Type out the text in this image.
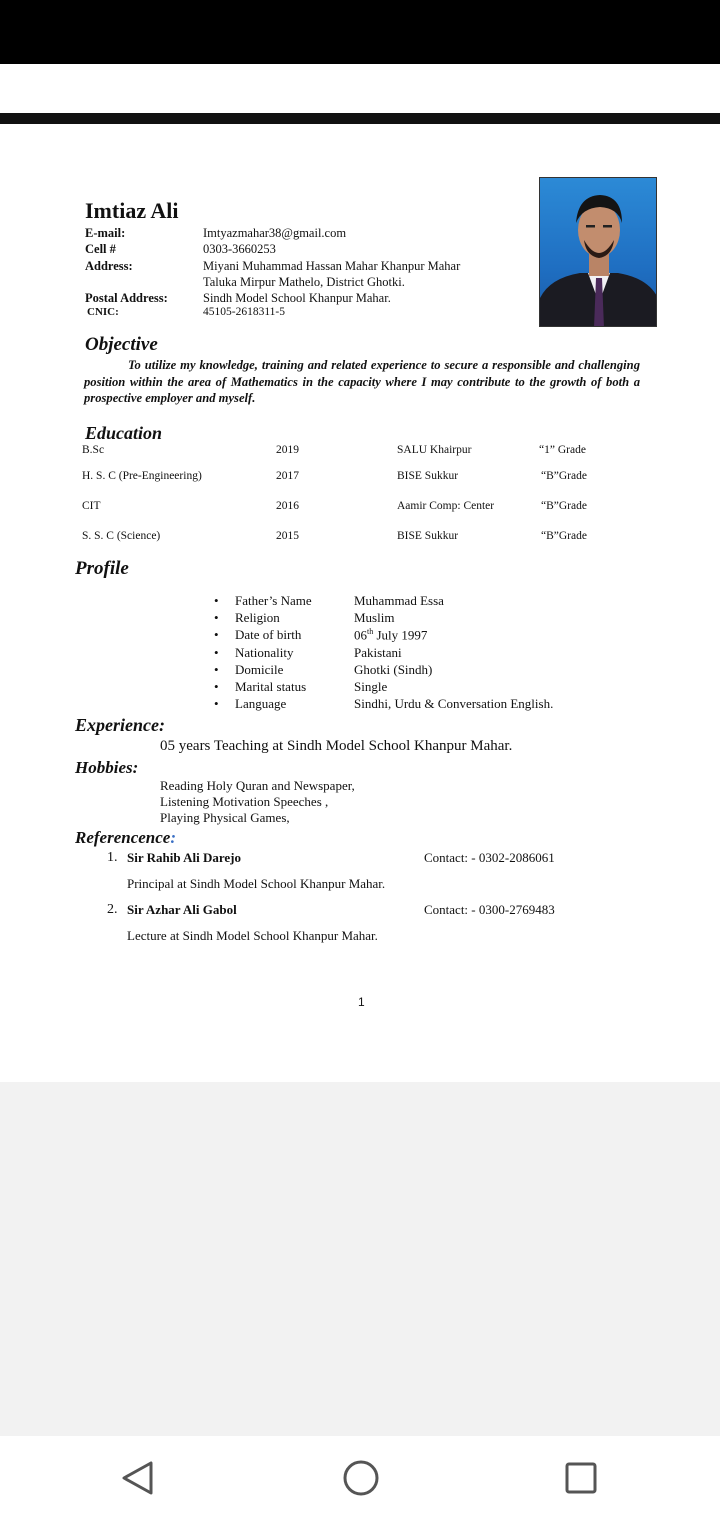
Imtiaz Ali
E-mail:	Imtyazmahar38@gmail.com
Cell #	0303-3660253
Address:	Miyani Muhammad Hassan Mahar Khanpur Mahar
Taluka Mirpur Mathelo, District Ghotki.
Postal Address:	Sindh Model School Khanpur Mahar.
CNIC:	45105-2618311-5
Objective
To utilize my knowledge, training and related experience to secure a responsible and challenging position within the area of Mathematics in the capacity where I may contribute to the growth of both a prospective employer and myself.
Education
B.Sc	2019	SALU Khairpur	“1” Grade
H. S. C (Pre-Engineering)	2017	BISE Sukkur	“B”Grade
CIT	2016	Aamir Comp: Center	“B”Grade
S. S. C (Science)	2015	BISE Sukkur	“B”Grade
Profile
• Father’s Name	Muhammad Essa
• Religion	Muslim
• Date of birth	06th July 1997
• Nationality	Pakistani
• Domicile	Ghotki (Sindh)
• Marital status	Single
• Language	Sindhi, Urdu & Conversation English.
Experience:
05 years Teaching at Sindh Model School Khanpur Mahar.
Hobbies:
Reading Holy Quran and Newspaper,
Listening Motivation Speeches ,
Playing Physical Games,
Referencence:
1. Sir Rahib Ali Darejo	Contact: - 0302-2086061
Principal at Sindh Model School Khanpur Mahar.
2. Sir Azhar Ali Gabol	Contact: - 0300-2769483
Lecture at Sindh Model School Khanpur Mahar.
1
